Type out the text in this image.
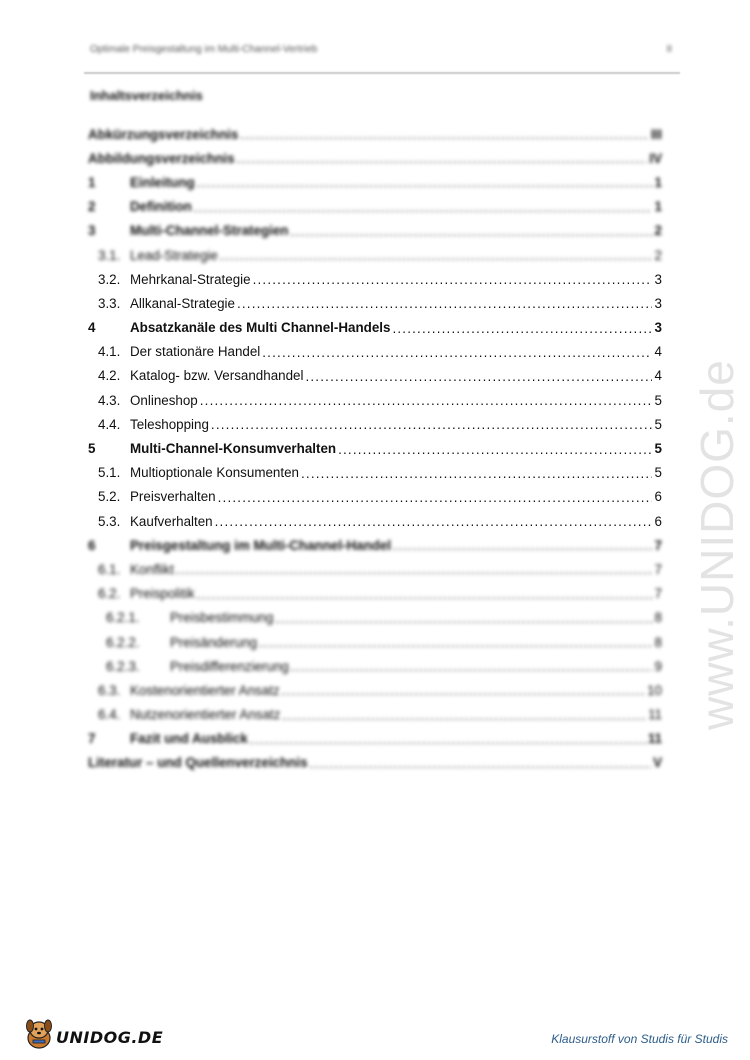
Optimale Preisgestaltung im Multi-Channel-Vertrieb	II
Inhaltsverzeichnis
Abkürzungsverzeichnis .....	III
Abbildungsverzeichnis .....	IV
1	Einleitung .....	1
2	Definition .....	1
3	Multi-Channel-Strategien .....	2
3.1. Lead-Strategie .....	2
3.2. Mehrkanal-Strategie .....	3
3.3. Allkanal-Strategie .....	3
4	Absatzkanäle des Multi Channel-Handels .....	3
4.1. Der stationäre Handel .....	4
4.2. Katalog- bzw. Versandhandel .....	4
4.3. Onlineshop .....	5
4.4. Teleshopping .....	5
5	Multi-Channel-Konsumverhalten .....	5
5.1. Multioptionale Konsumenten .....	5
5.2. Preisverhalten .....	6
5.3. Kaufverhalten .....	6
6	Preisgestaltung im Multi-Channel-Handel .....	7
6.1. Konflikt .....	7
6.2. Preispolitik .....	7
6.2.1.	Preisbestimmung .....	8
6.2.2.	Preisänderung .....	8
6.2.3.	Preisdifferenzierung .....	9
6.3. Kostenorientierter Ansatz .....	10
6.4. Nutzenorientierter Ansatz .....	11
7	Fazit und Ausblick .....	11
Literatur – und Quellenverzeichnis .....	V
www.UNIDOG.de
UNIDOG.DE	Klausurstoff von Studis für Studis
